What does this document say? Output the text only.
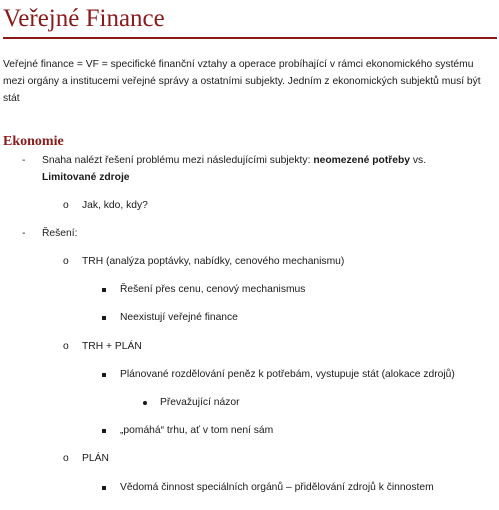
Veřejné Finance
Veřejné finance = VF = specifické finanční vztahy a operace probíhající v rámci ekonomického systému mezi orgány a institucemi veřejné správy a ostatními subjekty. Jedním z ekonomických subjektů musí být stát
Ekonomie
- Snaha nalézt řešení problému mezi následujícími subjekty: neomezené potřeby vs.
Limitované zdroje
o Jak, kdo, kdy?
- Řešení:
o TRH (analýza poptávky, nabídky, cenového mechanismu)
Řešení přes cenu, cenový mechanismus
Neexistují veřejné finance
o TRH + PLÁN
Plánované rozdělování peněz k potřebám, vystupuje stát (alokace zdrojů)
Převažující názor
„pomáhá“ trhu, ať v tom není sám
o PLÁN
Vědomá činnost speciálních orgánů – přidělování zdrojů k činnostem
